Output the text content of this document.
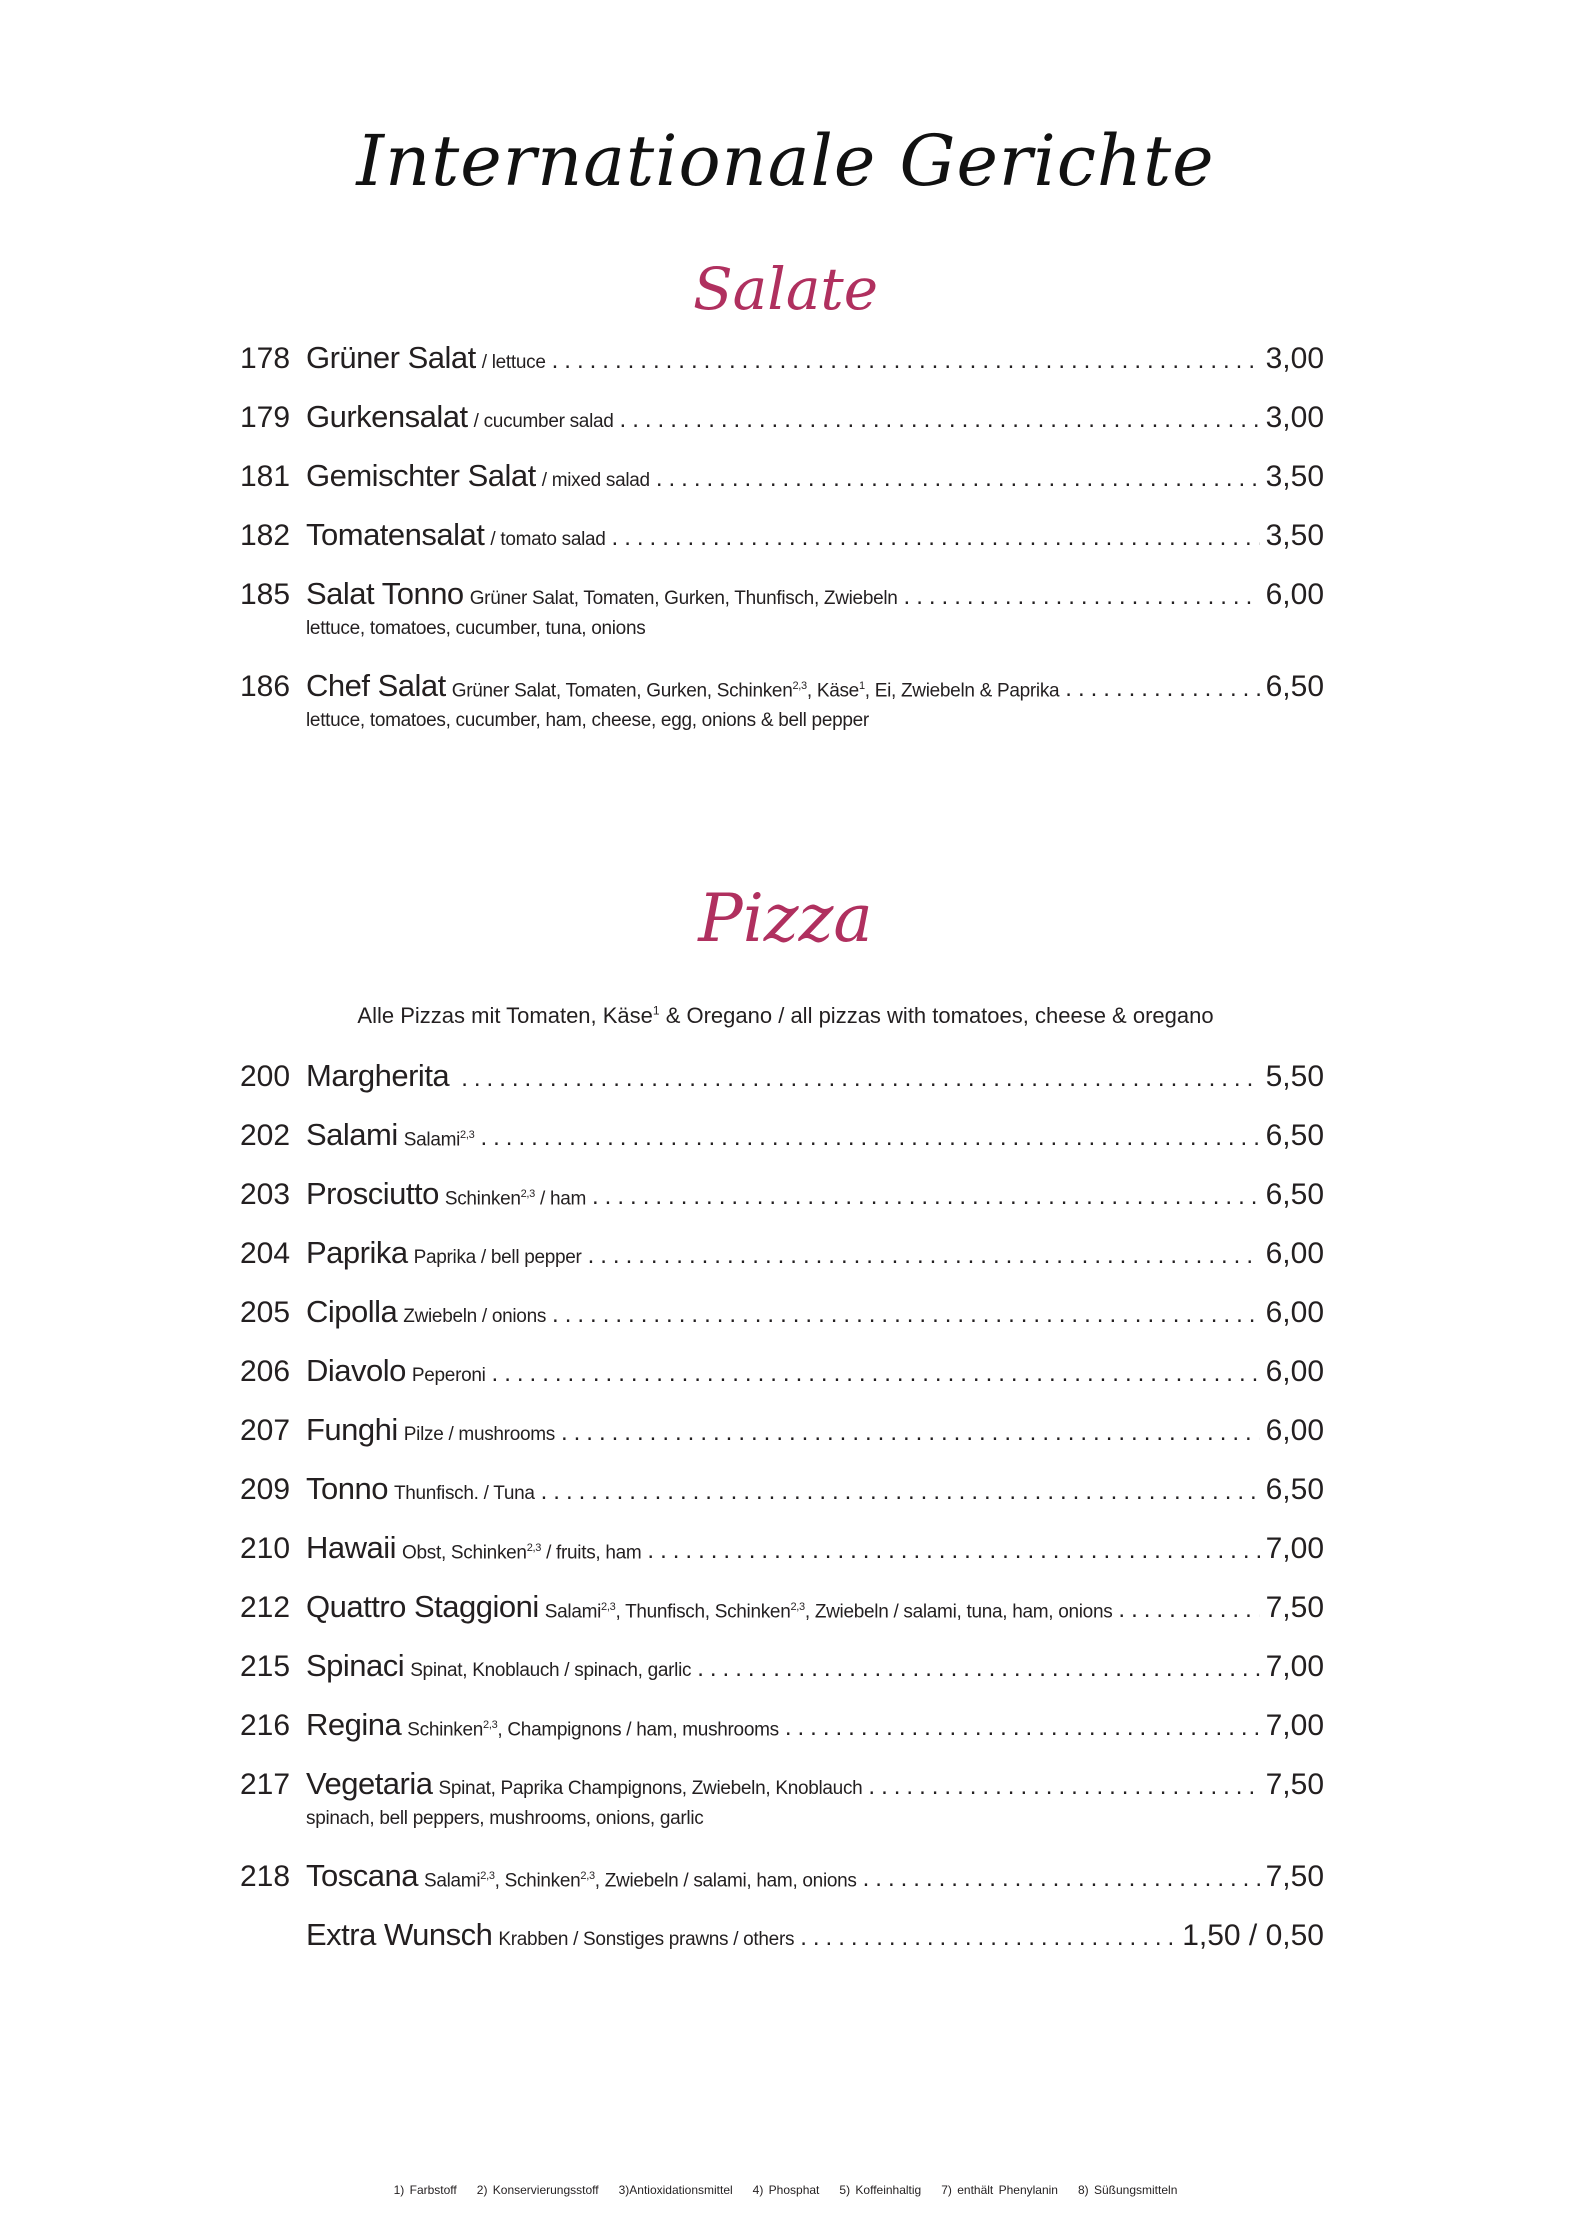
Internationale Gerichte
Salate
178 Grüner Salat / lettuce .....	3,00
179 Gurkensalat / cucumber salad .....	3,00
181 Gemischter Salat / mixed salad .....	3,50
182 Tomatensalat / tomato salad .....	3,50
185 Salat Tonno Grüner Salat, Tomaten, Gurken, Thunfisch, Zwiebeln .....	6,00
lettuce, tomatoes, cucumber, tuna, onions
186 Chef Salat Grüner Salat, Tomaten, Gurken, Schinken$^{2,3}$, Käse$^1$, Ei, Zwiebeln & Paprika .....	6,50
lettuce, tomatoes, cucumber, ham, cheese, egg, onions & bell pepper
Pizza
Alle Pizzas mit Tomaten, Käse$^1$ & Oregano / all pizzas with tomatoes, cheese & oregano
200 Margherita .....	5,50
202 Salami Salami$^{2,3}$ .....	6,50
203 Prosciutto Schinken$^{2,3}$ / ham .....	6,50
204 Paprika Paprika / bell pepper .....	6,00
205 Cipolla Zwiebeln / onions .....	6,00
206 Diavolo Peperoni .....	6,00
207 Funghi Pilze / mushrooms .....	6,00
209 Tonno Thunfisch. / Tuna .....	6,50
210 Hawaii Obst, Schinken$^{2,3}$ / fruits, ham .....	7,00
212 Quattro Staggioni Salami$^{2,3}$, Thunfisch, Schinken$^{2,3}$, Zwiebeln / salami, tuna, ham, onions .....	7,50
215 Spinaci Spinat, Knoblauch / spinach, garlic .....	7,00
216 Regina Schinken$^{2,3}$, Champignons / ham, mushrooms .....	7,00
217 Vegetaria Spinat, Paprika Champignons, Zwiebeln, Knoblauch .....	7,50
spinach, bell peppers, mushrooms, onions, garlic
218 Toscana Salami$^{2,3}$, Schinken$^{2,3}$, Zwiebeln / salami, ham, onions .....	7,50
Extra Wunsch Krabben / Sonstiges prawns / others .....	1,50 / 0,50
1) Farbstoff 2) Konservierungsstoff 3)Antioxidationsmittel 4) Phosphat 5) Koffeinhaltig 7) enthält Phenylanin 8) Süßungsmitteln
